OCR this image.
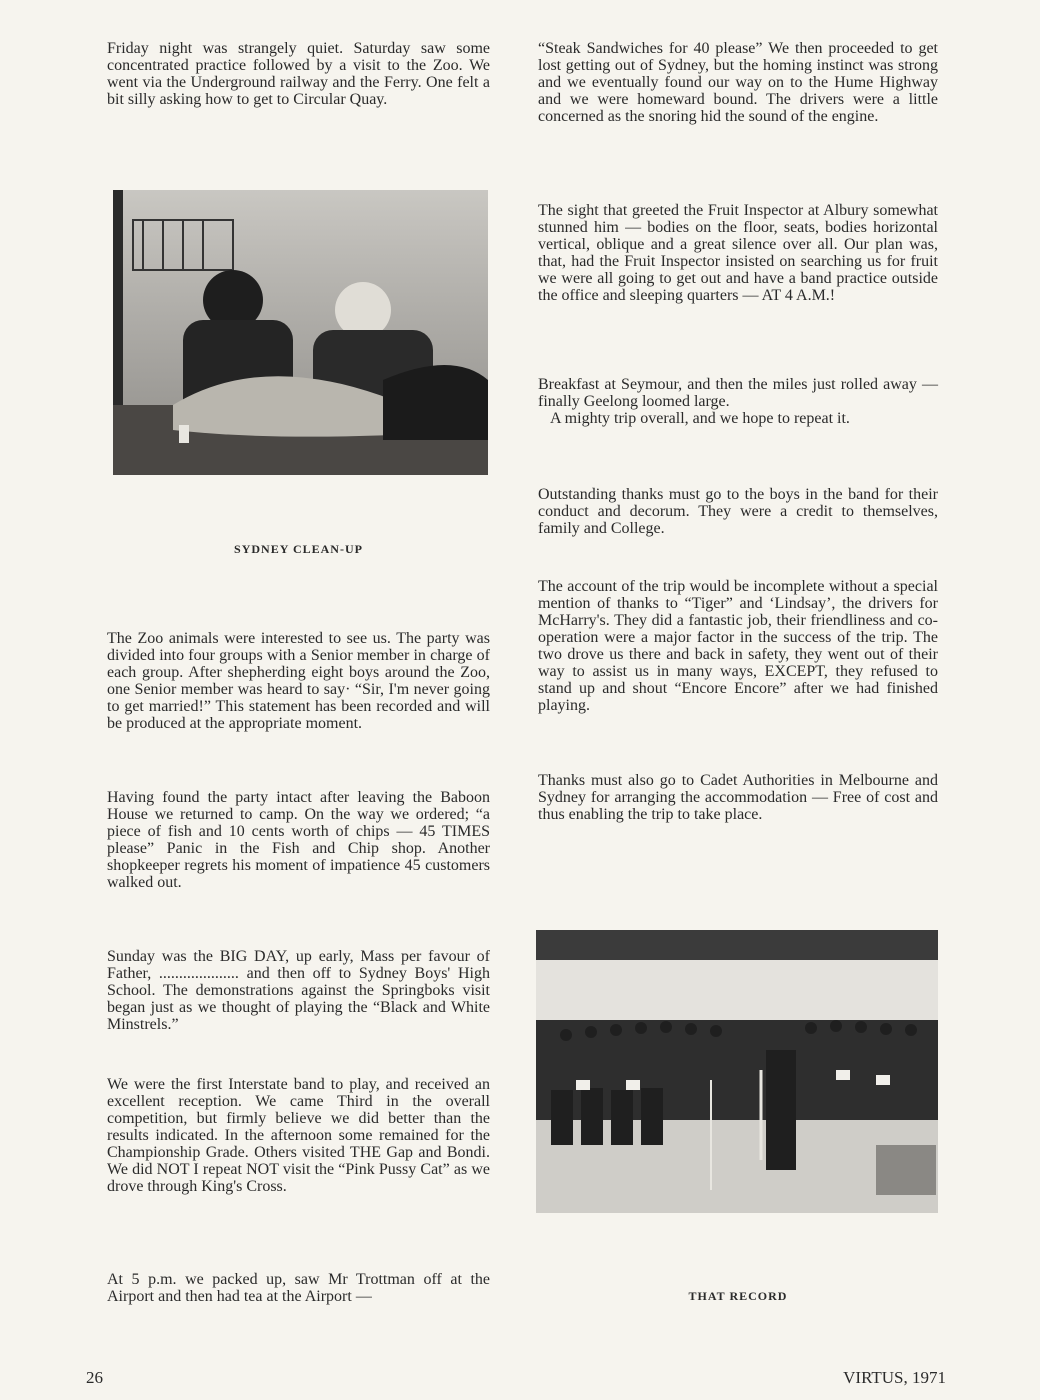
Friday night was strangely quiet. Saturday saw some concentrated practice followed by a visit to the Zoo. We went via the Underground railway and the Ferry. One felt a bit silly asking how to get to Circular Quay.

SYDNEY CLEAN-UP

The Zoo animals were interested to see us. The party was divided into four groups with a Senior member in charge of each group. After shepherding eight boys around the Zoo, one Senior member was heard to say· “Sir, I'm never going to get married!” This statement has been recorded and will be produced at the appropriate moment.

Having found the party intact after leaving the Baboon House we returned to camp. On the way we ordered; “a piece of fish and 10 cents worth of chips — 45 TIMES please” Panic in the Fish and Chip shop. Another shopkeeper regrets his moment of impatience 45 customers walked out.

Sunday was the BIG DAY, up early, Mass per favour of Father, .................... and then off to Sydney Boys' High School. The demonstrations against the Springboks visit began just as we thought of playing the “Black and White Minstrels.”

We were the first Interstate band to play, and received an excellent reception. We came Third in the overall competition, but firmly believe we did better than the results indicated. In the afternoon some remained for the Championship Grade. Others visited THE Gap and Bondi. We did NOT I repeat NOT visit the “Pink Pussy Cat” as we drove through King's Cross.

At 5 p.m. we packed up, saw Mr Trottman off at the Airport and then had tea at the Airport —

“Steak Sandwiches for 40 please” We then proceeded to get lost getting out of Sydney, but the homing instinct was strong and we eventually found our way on to the Hume Highway and we were homeward bound. The drivers were a little concerned as the snoring hid the sound of the engine.

The sight that greeted the Fruit Inspector at Albury somewhat stunned him — bodies on the floor, seats, bodies horizontal vertical, oblique and a great silence over all. Our plan was, that, had the Fruit Inspector insisted on searching us for fruit we were all going to get out and have a band practice outside the office and sleeping quarters — AT 4 A.M.!

Breakfast at Seymour, and then the miles just rolled away — finally Geelong loomed large.

A mighty trip overall, and we hope to repeat it.

Outstanding thanks must go to the boys in the band for their conduct and decorum. They were a credit to themselves, family and College.

The account of the trip would be incomplete without a special mention of thanks to “Tiger” and ‘Lindsay’, the drivers for McHarry's. They did a fantastic job, their friendliness and co-operation were a major factor in the success of the trip. The two drove us there and back in safety, they went out of their way to assist us in many ways, EXCEPT, they refused to stand up and shout “Encore Encore” after we had finished playing.

Thanks must also go to Cadet Authorities in Melbourne and Sydney for arranging the accommodation — Free of cost and thus enabling the trip to take place.

THAT RECORD
26	VIRTUS, 1971
